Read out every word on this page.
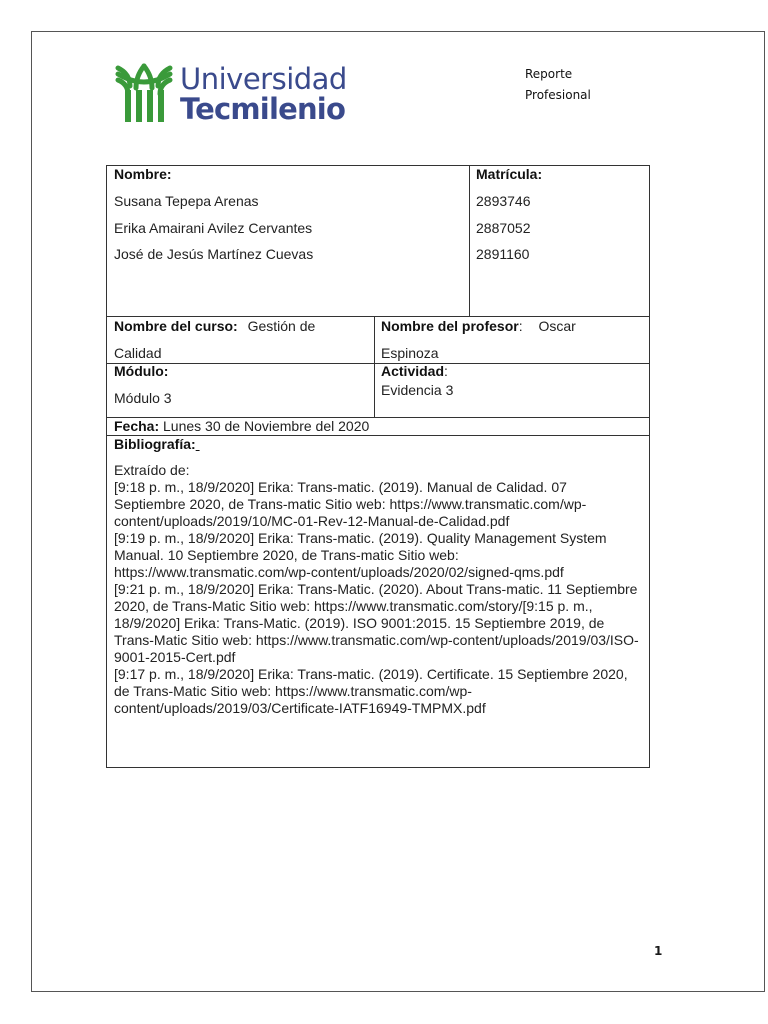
Universidad
Tecmilenio
Reporte
Profesional
Nombre:	Matrícula:
Susana Tepepa Arenas	2893746
Erika Amairani Avilez Cervantes	2887052
José de Jesús Martínez Cuevas	2891160
Nombre del curso: Gestión de
Calidad
Nombre del profesor: Oscar
Espinoza
Módulo:
Módulo 3
Actividad:
Evidencia 3
Fecha: Lunes 30 de Noviembre del 2020
Bibliografía:

Extraído de:

[9:18 p. m., 18/9/2020] Erika: Trans-matic. (2019). Manual de Calidad. 07 Septiembre 2020, de Trans-matic Sitio web: https://www.transmatic.com/wp-content/uploads/2019/10/MC-01-Rev-12-Manual-de-Calidad.pdf

[9:19 p. m., 18/9/2020] Erika: Trans-matic. (2019). Quality Management System Manual. 10 Septiembre 2020, de Trans-matic Sitio web: https://www.transmatic.com/wp-content/uploads/2020/02/signed-qms.pdf

[9:21 p. m., 18/9/2020] Erika: Trans-Matic. (2020). About Trans-matic. 11 Septiembre 2020, de Trans-Matic Sitio web: https://www.transmatic.com/story/[9:15 p. m., 18/9/2020] Erika: Trans-Matic. (2019). ISO 9001:2015. 15 Septiembre 2019, de Trans-Matic Sitio web: https://www.transmatic.com/wp-content/uploads/2019/03/ISO-9001-2015-Cert.pdf

[9:17 p. m., 18/9/2020] Erika: Trans-matic. (2019). Certificate. 15 Septiembre 2020, de Trans-Matic Sitio web: https://www.transmatic.com/wp-content/uploads/2019/03/Certificate-IATF16949-TMPMX.pdf

1
